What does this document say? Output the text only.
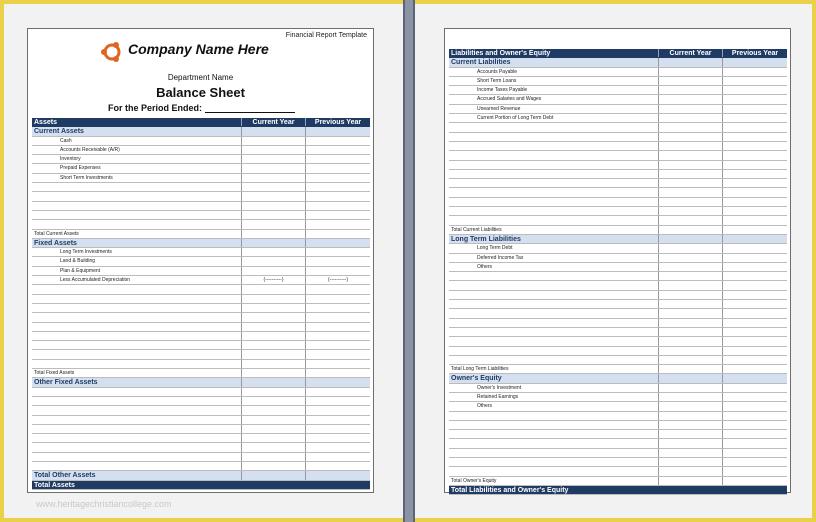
Financial Report Template
Company Name Here
Department Name
Balance Sheet
For the Period Ended:
Assets	Current Year	Previous Year
Current Assets
Cash
Accounts Receivable (A/R)
Inventory
Prepaid Expenses
Short Term Investments
Total Current Assets
Fixed Assets
Long Term Investments
Land & Building
Plan & Equipment
Less Accumulated Depreciation	(----------)	(----------)
Total Fixed Assets
Other Fixed Assets
Total Other Assets
Total Assets
www.heritagechristiancollege.com
Liabilities and Owner's Equity	Current Year	Previous Year
Current Liabilities
Accounts Payable
Short Term Loans
Income Taxes Payable
Accrued Salaries and Wages
Unearned Revenue
Current Portion of Long Term Debt
Total Current Liabilities
Long Term Liabilities
Long Term Debt
Deferred Income Tax
Others
Total Long Term Liabilities
Owner's Equity
Owner's Investment
Retained Earnings
Others
Total Owner's Equity
Total Liabilities and Owner's Equity
